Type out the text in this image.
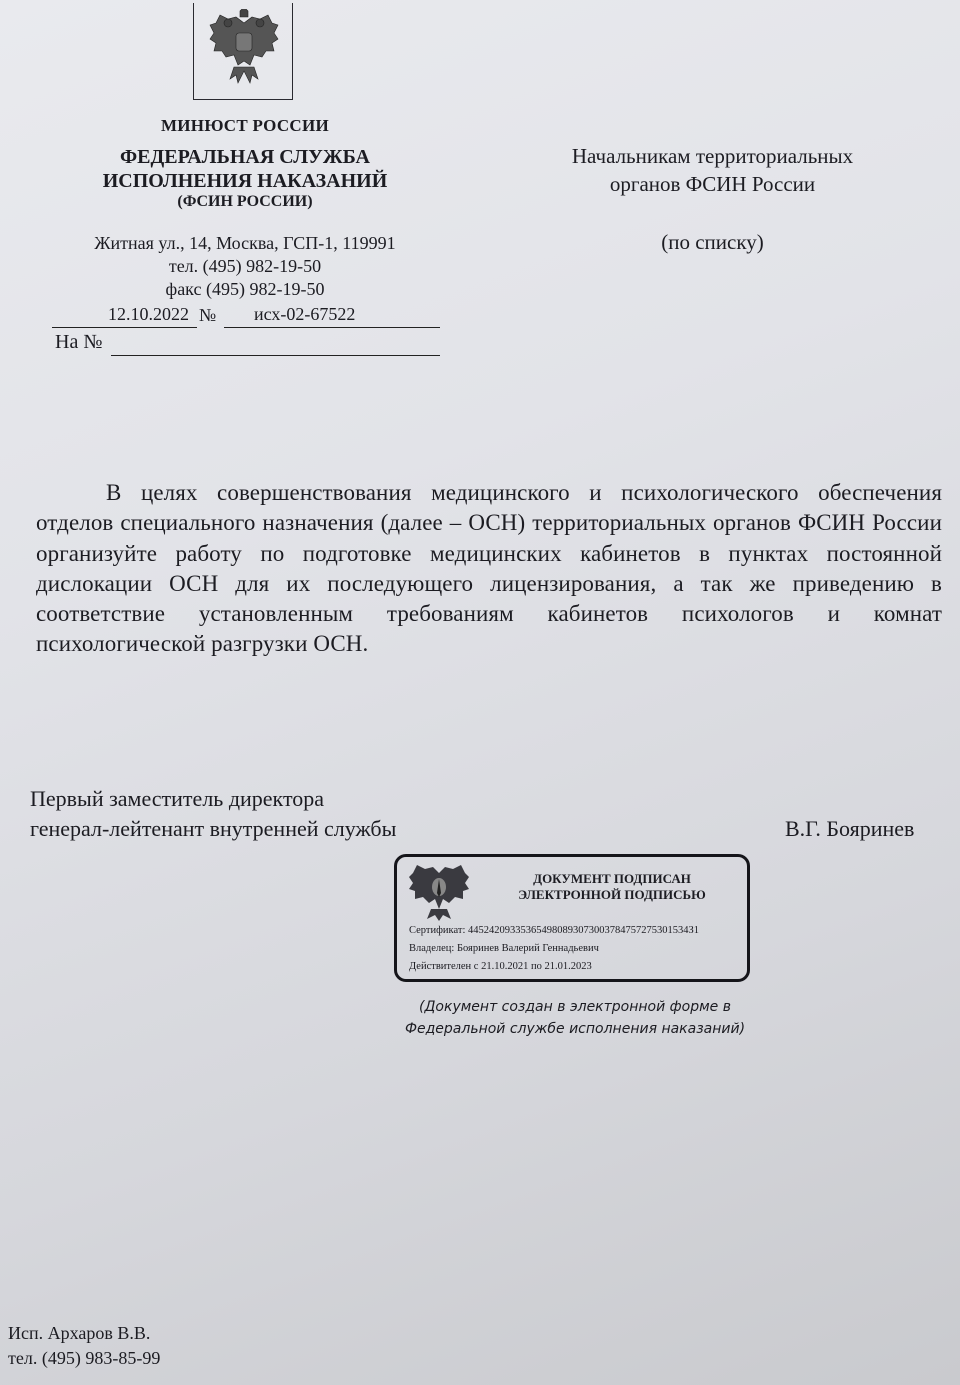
МИНЮСТ РОССИИ
ФЕДЕРАЛЬНАЯ СЛУЖБА
ИСПОЛНЕНИЯ НАКАЗАНИЙ
(ФСИН РОССИИ)
Житная ул., 14, Москва, ГСП-1, 119991
тел. (495) 982-19-50
факс (495) 982-19-50
12.10.2022 № исх-02-67522
На №
Начальникам территориальных
органов ФСИН России
(по списку)
В целях совершенствования медицинского и психологического обеспечения отделов специального назначения (далее – ОСН) территориальных органов ФСИН России организуйте работу по подготовке медицинских кабинетов в пунктах постоянной дислокации ОСН для их последующего лицензирования, а так же приведению в соответствие установленным требованиям кабинетов психологов и комнат психологической разгрузки ОСН.
Первый заместитель директора
генерал-лейтенант внутренней службы	В.Г. Бояринев
ДОКУМЕНТ ПОДПИСАН
ЭЛЕКТРОННОЙ ПОДПИСЬЮ
Сертификат: 445242093353654980893073003784757275301534З1
Владелец: Бояринев Валерий Геннадьевич
Действителен с 21.10.2021 по 21.01.2023
(Документ создан в электронной форме в
Федеральной службе исполнения наказаний)
Исп. Архаров В.В.
тел. (495) 983-85-99
